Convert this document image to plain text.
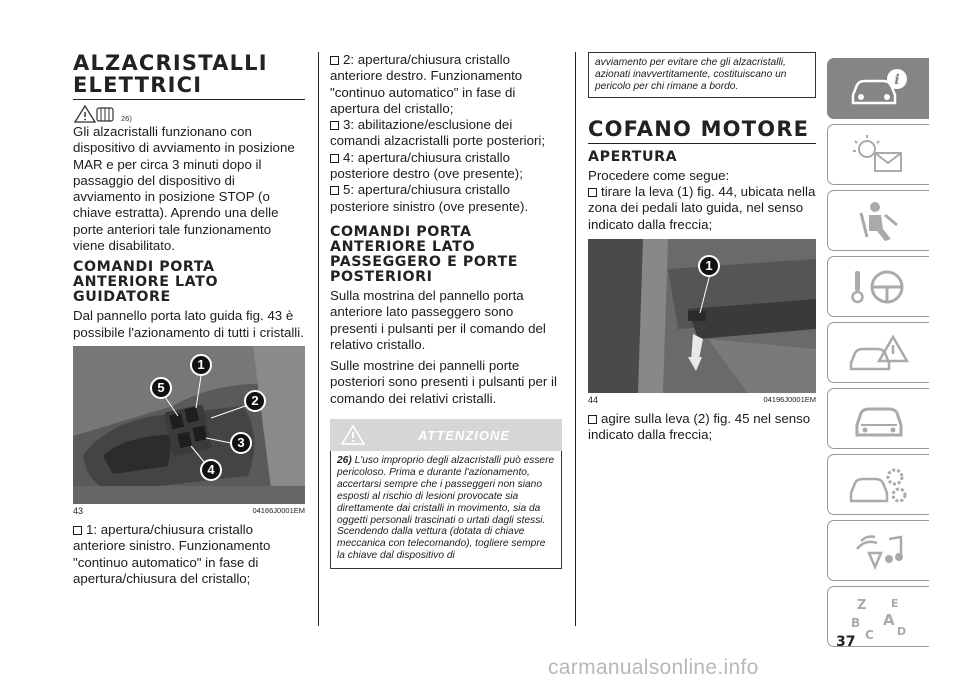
ALZACRISTALLI ELETTRICI
26)

Gli alzacristalli funzionano con dispositivo di avviamento in posizione MAR e per circa 3 minuti dopo il passaggio del dispositivo di avviamento in posizione STOP (o chiave estratta). Aprendo una delle porte anteriori tale funzionamento viene disabilitato.

COMANDI PORTA ANTERIORE LATO GUIDATORE

Dal pannello porta lato guida fig. 43 è possibile l'azionamento di tutti i cristalli.

1
2
3
4
5
43	04166J0001EM
1: apertura/chiusura cristallo anteriore sinistro. Funzionamento "continuo automatico" in fase di apertura/chiusura del cristallo;
2: apertura/chiusura cristallo anteriore destro. Funzionamento "continuo automatico" in fase di apertura del cristallo;
3: abilitazione/esclusione dei comandi alzacristalli porte posteriori;
4: apertura/chiusura cristallo posteriore destro (ove presente);
5: apertura/chiusura cristallo posteriore sinistro (ove presente).
COMANDI PORTA ANTERIORE LATO PASSEGGERO E PORTE POSTERIORI

Sulla mostrina del pannello porta anteriore lato passeggero sono presenti i pulsanti per il comando del relativo cristallo.

Sulle mostrine dei pannelli porte posteriori sono presenti i pulsanti per il comando dei relativi cristalli.

ATTENZIONE

26) L'uso improprio degli alzacristalli può essere pericoloso. Prima e durante l'azionamento, accertarsi sempre che i passeggeri non siano esposti al rischio di lesioni provocate sia direttamente dai cristalli in movimento, sia da oggetti personali trascinati o urtati dagli stessi. Scendendo dalla vettura (dotata di chiave meccanica con telecomando), togliere sempre la chiave dal dispositivo di

avviamento per evitare che gli alzacristalli, azionati inavvertitamente, costituiscano un pericolo per chi rimane a bordo.

COFANO MOTORE
APERTURA

Procedere come segue:

tirare la leva (1) fig. 44, ubicata nella zona dei pedali lato guida, nel senso indicato dalla freccia;
1
44	04196J0001EM
agire sulla leva (2) fig. 45 nel senso indicato dalla freccia;
i
Z E
A
B
C D
37
carmanualsonline.info
